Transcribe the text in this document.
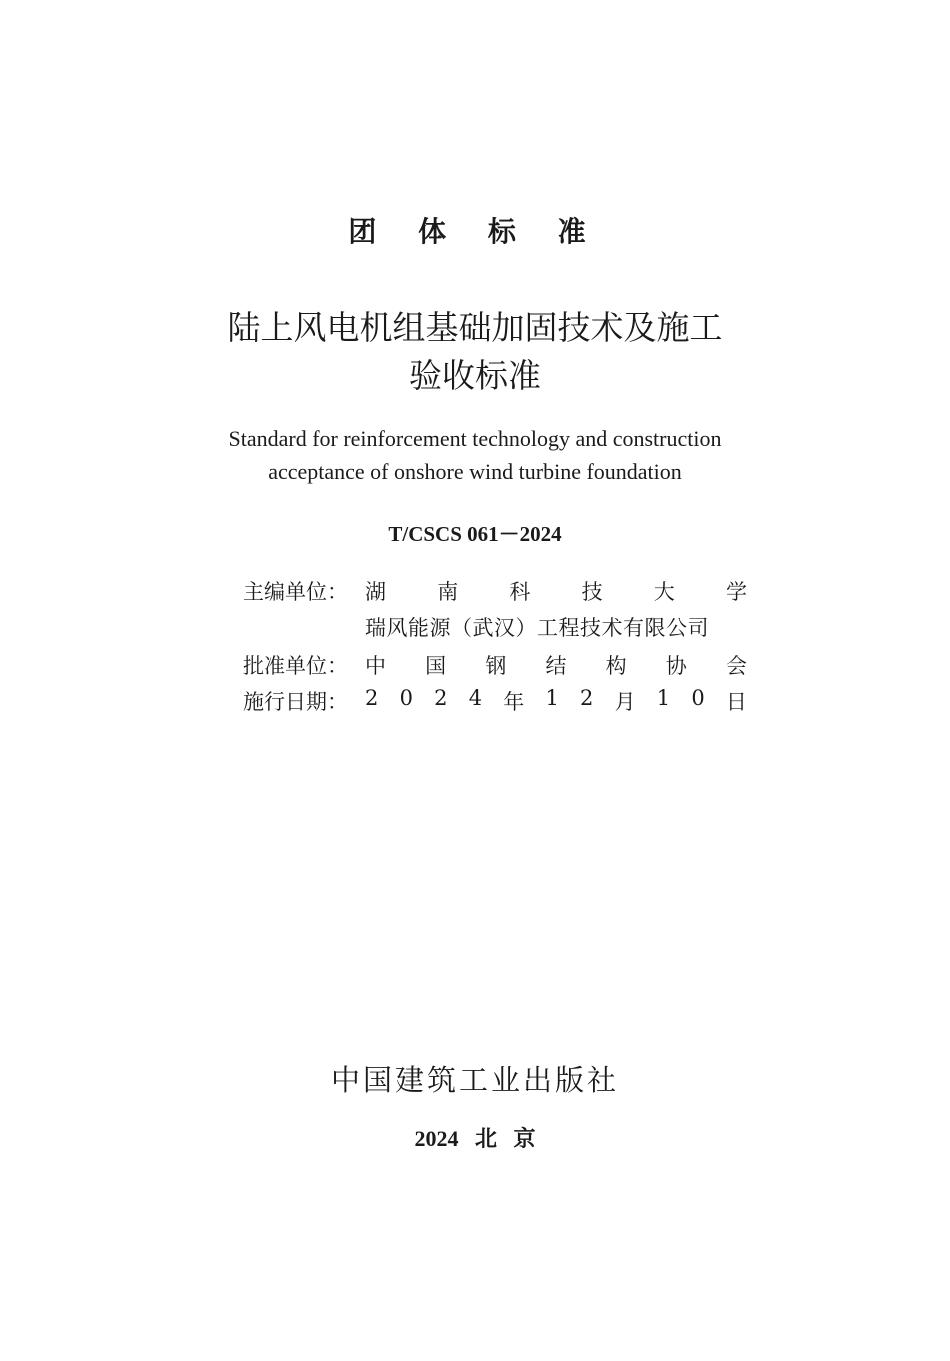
团 体 标 准
陆上风电机组基础加固技术及施工
验收标准
Standard for reinforcement technology and construction
acceptance of onshore wind turbine foundation
T/CSCS 061－2024
主编单位： 湖 南 科 技 大 学
瑞风能源（武汉）工程技术有限公司
批准单位： 中 国 钢 结 构 协 会
施行日期： 2 0 2 4 年 1 2 月 1 0 日
中国建筑工业出版社
2024   北   京
